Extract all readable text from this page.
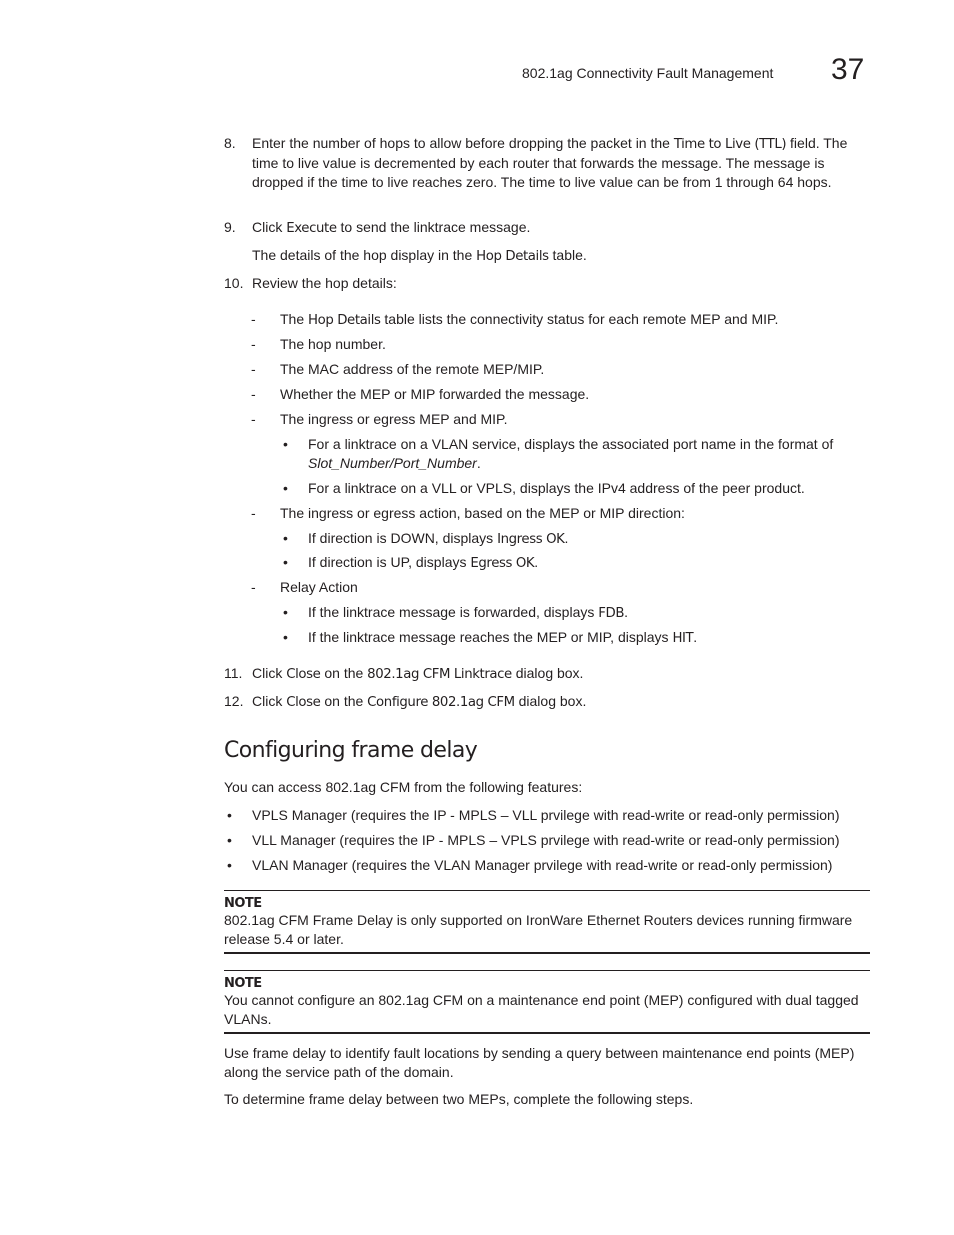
802.1ag Connectivity Fault Management 37
8. Enter the number of hops to allow before dropping the packet in the Time to Live (TTL) field. The time to live value is decremented by each router that forwards the message. The message is dropped if the time to live reaches zero. The time to live value can be from 1 through 64 hops.
9. Click Execute to send the linktrace message.
The details of the hop display in the Hop Details table.
10. Review the hop details:
- The Hop Details table lists the connectivity status for each remote MEP and MIP.
- The hop number.
- The MAC address of the remote MEP/MIP.
- Whether the MEP or MIP forwarded the message.
- The ingress or egress MEP and MIP.
• For a linktrace on a VLAN service, displays the associated port name in the format of Slot_Number/Port_Number.
• For a linktrace on a VLL or VPLS, displays the IPv4 address of the peer product.
- The ingress or egress action, based on the MEP or MIP direction:
• If direction is DOWN, displays Ingress OK.
• If direction is UP, displays Egress OK.
- Relay Action
• If the linktrace message is forwarded, displays FDB.
• If the linktrace message reaches the MEP or MIP, displays HIT.
11. Click Close on the 802.1ag CFM Linktrace dialog box.
12. Click Close on the Configure 802.1ag CFM dialog box.
Configuring frame delay
You can access 802.1ag CFM from the following features:
• VPLS Manager (requires the IP - MPLS – VLL prvilege with read-write or read-only permission)
• VLL Manager (requires the IP - MPLS – VPLS prvilege with read-write or read-only permission)
• VLAN Manager (requires the VLAN Manager prvilege with read-write or read-only permission)
NOTE
802.1ag CFM Frame Delay is only supported on IronWare Ethernet Routers devices running firmware release 5.4 or later.
NOTE
You cannot configure an 802.1ag CFM on a maintenance end point (MEP) configured with dual tagged VLANs.
Use frame delay to identify fault locations by sending a query between maintenance end points (MEP) along the service path of the domain.
To determine frame delay between two MEPs, complete the following steps.
